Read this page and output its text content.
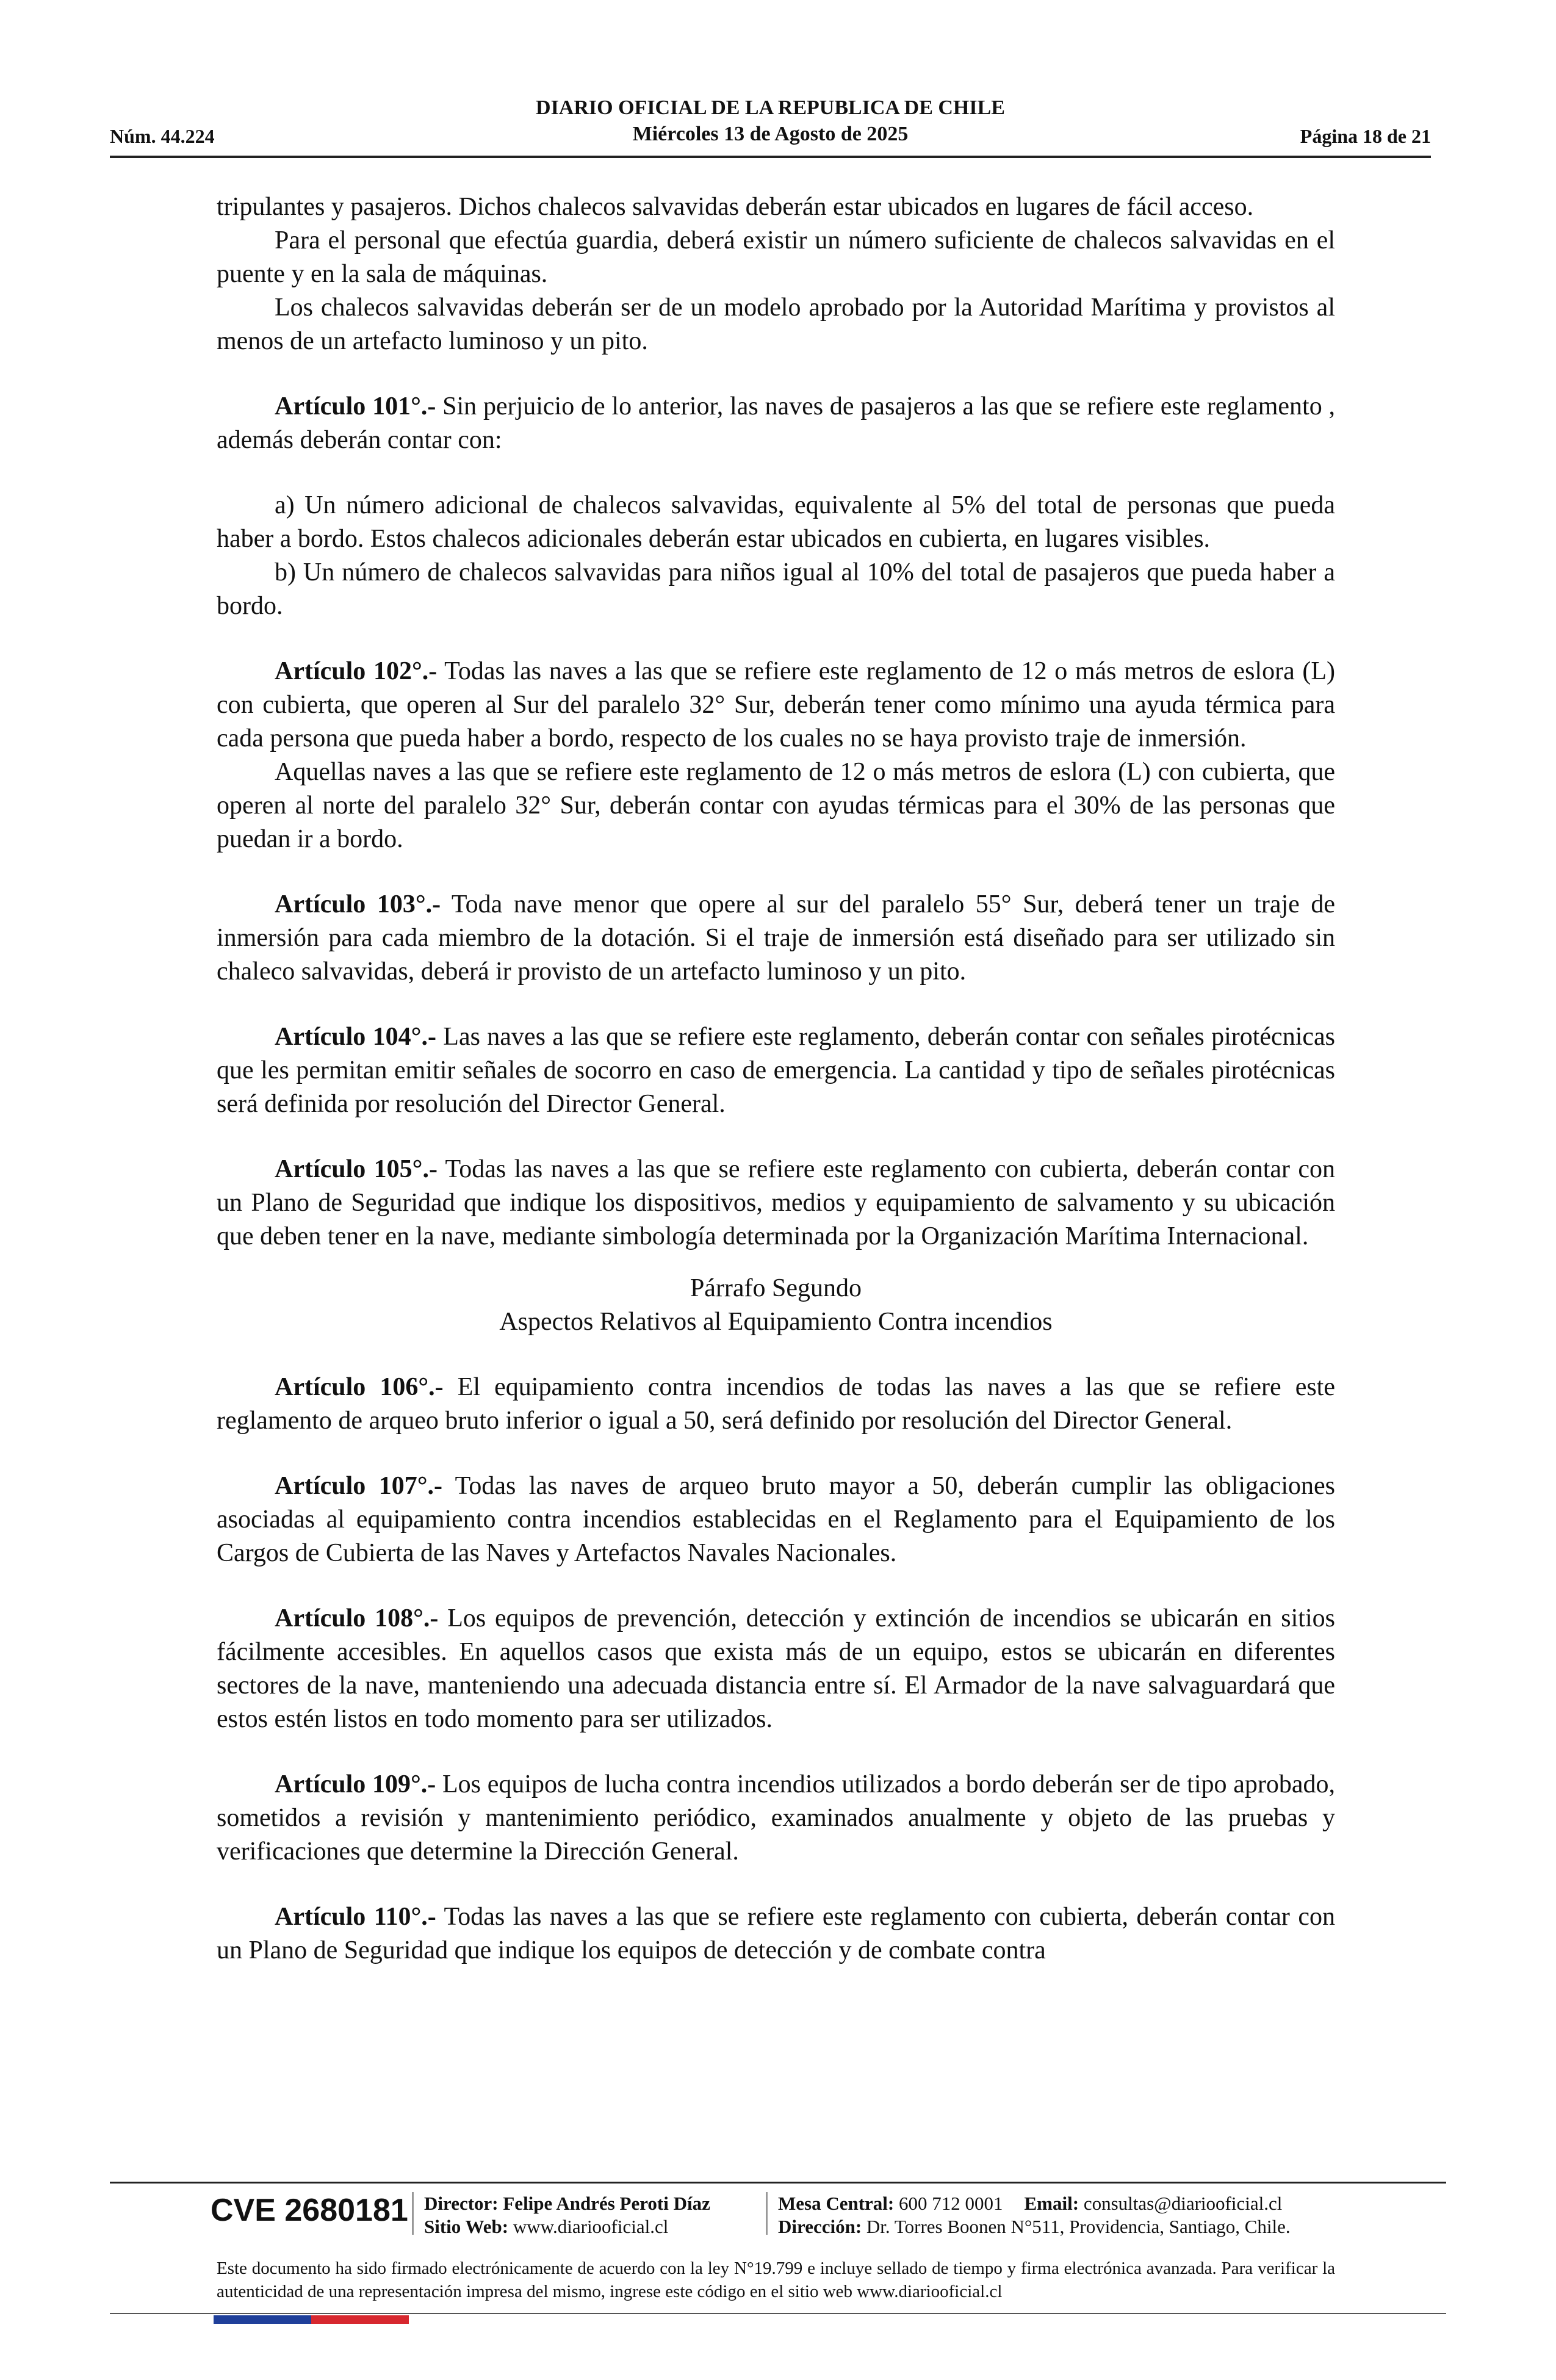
Núm. 44.224
DIARIO OFICIAL DE LA REPUBLICA DE CHILE
Miércoles 13 de Agosto de 2025	Página 18 de 21

tripulantes y pasajeros. Dichos chalecos salvavidas deberán estar ubicados en lugares de fácil acceso.

Para el personal que efectúa guardia, deberá existir un número suficiente de chalecos salvavidas en el puente y en la sala de máquinas.

Los chalecos salvavidas deberán ser de un modelo aprobado por la Autoridad Marítima y provistos al menos de un artefacto luminoso y un pito.

Artículo 101°.- Sin perjuicio de lo anterior, las naves de pasajeros a las que se refiere este reglamento , además deberán contar con:

a) Un número adicional de chalecos salvavidas, equivalente al 5% del total de personas que pueda haber a bordo. Estos chalecos adicionales deberán estar ubicados en cubierta, en lugares visibles.

b) Un número de chalecos salvavidas para niños igual al 10% del total de pasajeros que pueda haber a bordo.

Artículo 102°.- Todas las naves a las que se refiere este reglamento de 12 o más metros de eslora (L) con cubierta, que operen al Sur del paralelo 32° Sur, deberán tener como mínimo una ayuda térmica para cada persona que pueda haber a bordo, respecto de los cuales no se haya provisto traje de inmersión.

Aquellas naves a las que se refiere este reglamento de 12 o más metros de eslora (L) con cubierta, que operen al norte del paralelo 32° Sur, deberán contar con ayudas térmicas para el 30% de las personas que puedan ir a bordo.

Artículo 103°.- Toda nave menor que opere al sur del paralelo 55° Sur, deberá tener un traje de inmersión para cada miembro de la dotación. Si el traje de inmersión está diseñado para ser utilizado sin chaleco salvavidas, deberá ir provisto de un artefacto luminoso y un pito.

Artículo 104°.- Las naves a las que se refiere este reglamento, deberán contar con señales pirotécnicas que les permitan emitir señales de socorro en caso de emergencia. La cantidad y tipo de señales pirotécnicas será definida por resolución del Director General.

Artículo 105°.- Todas las naves a las que se refiere este reglamento con cubierta, deberán contar con un Plano de Seguridad que indique los dispositivos, medios y equipamiento de salvamento y su ubicación que deben tener en la nave, mediante simbología determinada por la Organización Marítima Internacional.

Párrafo Segundo

Aspectos Relativos al Equipamiento Contra incendios

Artículo 106°.- El equipamiento contra incendios de todas las naves a las que se refiere este reglamento de arqueo bruto inferior o igual a 50, será definido por resolución del Director General.

Artículo 107°.- Todas las naves de arqueo bruto mayor a 50, deberán cumplir las obligaciones asociadas al equipamiento contra incendios establecidas en el Reglamento para el Equipamiento de los Cargos de Cubierta de las Naves y Artefactos Navales Nacionales.

Artículo 108°.- Los equipos de prevención, detección y extinción de incendios se ubicarán en sitios fácilmente accesibles. En aquellos casos que exista más de un equipo, estos se ubicarán en diferentes sectores de la nave, manteniendo una adecuada distancia entre sí. El Armador de la nave salvaguardará que estos estén listos en todo momento para ser utilizados.

Artículo 109°.- Los equipos de lucha contra incendios utilizados a bordo deberán ser de tipo aprobado, sometidos a revisión y mantenimiento periódico, examinados anualmente y objeto de las pruebas y verificaciones que determine la Dirección General.

Artículo 110°.- Todas las naves a las que se refiere este reglamento con cubierta, deberán contar con un Plano de Seguridad que indique los equipos de detección y de combate contra

CVE 2680181 Director: Felipe Andrés Peroti Díaz
Sitio Web: www.diariooficial.cl
Mesa Central: 600 712 0001 Email: consultas@diariooficial.cl
Dirección: Dr. Torres Boonen N°511, Providencia, Santiago, Chile.
Este documento ha sido firmado electrónicamente de acuerdo con la ley N°19.799 e incluye sellado de tiempo y firma electrónica avanzada. Para verificar la autenticidad de una representación impresa del mismo, ingrese este código en el sitio web www.diariooficial.cl
